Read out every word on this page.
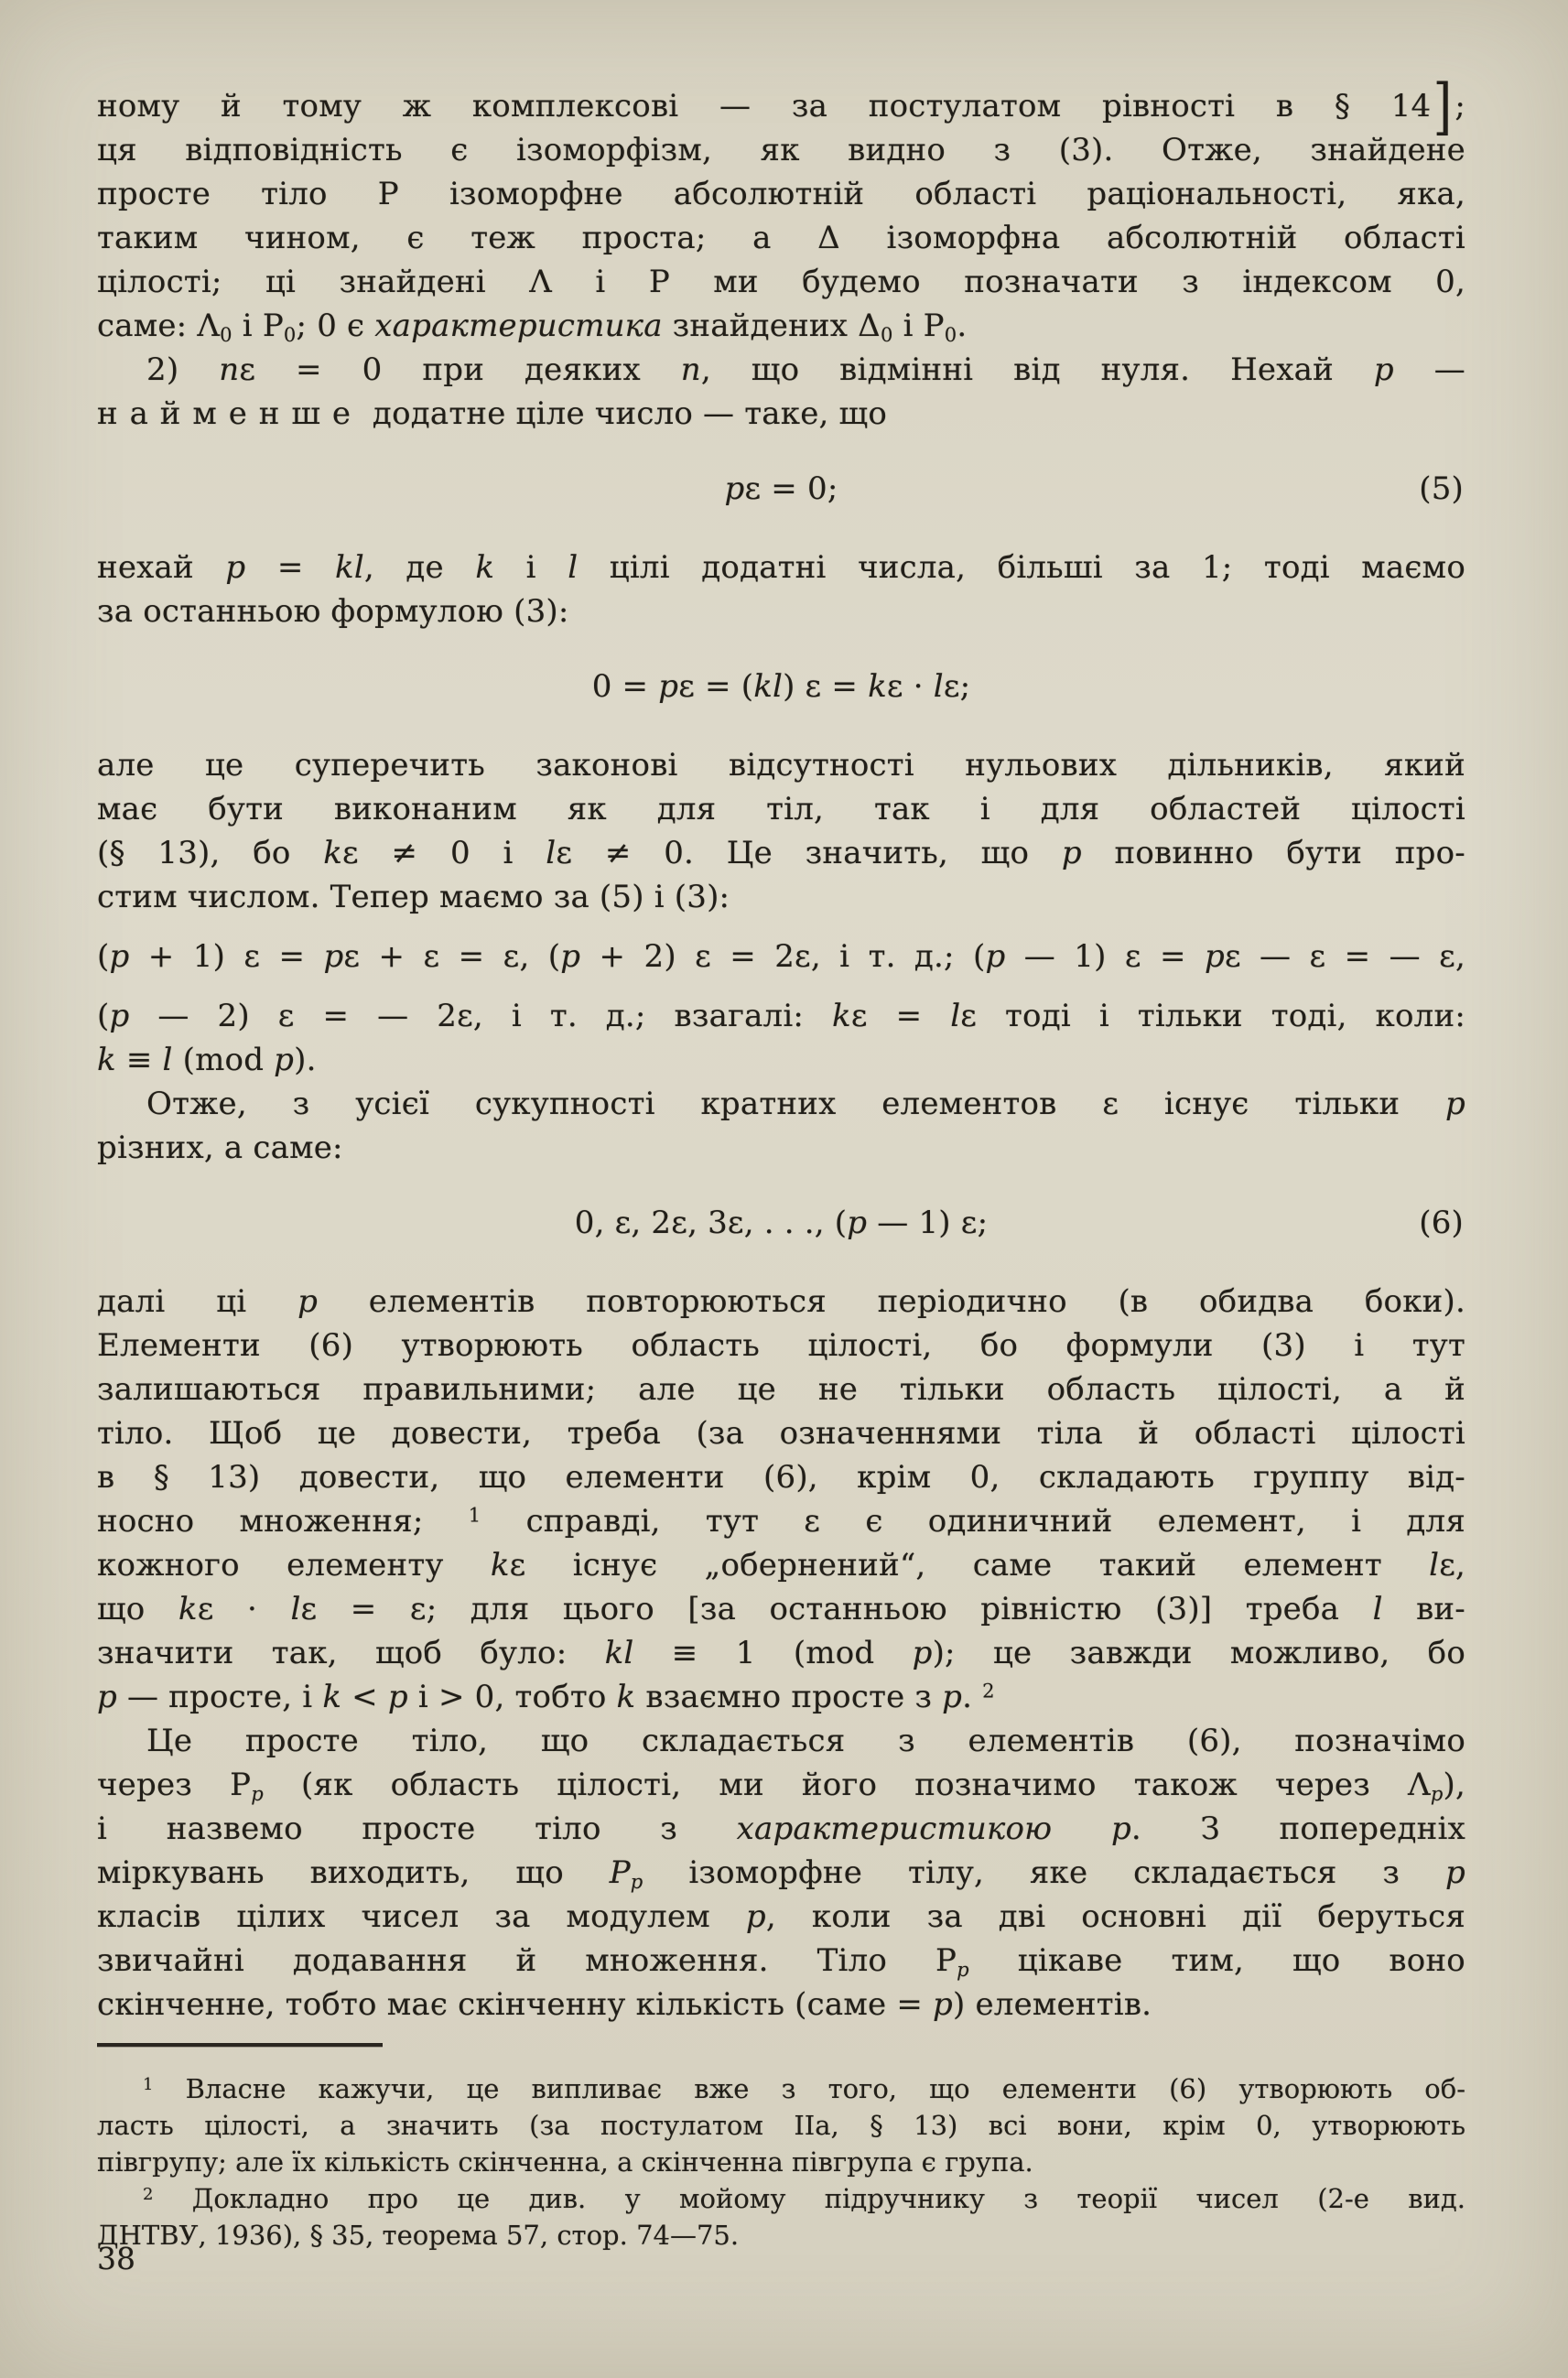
ному й тому ж комплексові — за постулатом рівності в § 14];
ця відповідність є ізоморфізм, як видно з (3). Отже, знайдене
просте тіло Р ізоморфне абсолютній області раціональності, яка,
таким чином, є теж проста; а Δ ізоморфна абсолютній області
цілості; ці знайдені Λ і Р ми будемо позначати з індексом 0,
саме: $\Lambda_0$ і $Р_0$; 0 є характеристика знайдених $\Delta_0$ і $Р_0$.
2) nε = 0 при деяких n, що відмінні від нуля. Нехай p —
найменше додатне ціле число — таке, що
pε = 0;	(5)
нехай p = kl, де k і l цілі додатні числа, більші за 1; тоді маємо
за останньою формулою (3):
0 = pε = (kl) ε = kε · lε;
але це суперечить законові відсутності нульових дільників, який
має бути виконаним як для тіл, так і для областей цілості
(§ 13), бо kε ≠ 0 і lε ≠ 0. Це значить, що p повинно бути про-
стим числом. Тепер маємо за (5) і (3):
(p + 1) ε = pε + ε = ε, (p + 2) ε = 2ε, і т. д.; (p — 1) ε = pε — ε = — ε,
(p — 2) ε = — 2ε, і т. д.; взагалі: kε = lε тоді і тільки тоді, коли:
k ≡ l (mod p).
Отже, з усієї сукупності кратних елементов ε існує тільки p
різних, а саме:
0, ε, 2ε, 3ε, . . ., (p — 1) ε;	(6)
далі ці p елементів повторюються періодично (в обидва боки).
Елементи (6) утворюють область цілості, бо формули (3) і тут
залишаються правильними; але це не тільки область цілості, а й
тіло. Щоб це довести, треба (за означеннями тіла й області цілості
в § 13) довести, що елементи (6), крім 0, складають группу від-
носно множення; $^1$ справді, тут ε є одиничний елемент, і для
кожного елементу kε існує „обернений“, саме такий елемент lε,
що kε · lε = ε; для цього [за останньою рівністю (3)] треба l ви-
значити так, щоб було: kl ≡ 1 (mod p); це завжди можливо, бо
p — просте, і k < p і > 0, тобто k взаємно просте з p. $^2$
Це просте тіло, що складається з елементів (6), позначімо
через $Р_p$ (як область цілості, ми його позначимо також через $\Lambda_p$),
і назвемо просте тіло з характеристикою p. З попередніх
міркувань виходить, що $P_p$ ізоморфне тілу, яке складається з p
класів цілих чисел за модулем p, коли за дві основні дії беруться
звичайні додавання й множення. Тіло $Р_p$ цікаве тим, що воно
скінченне, тобто має скінченну кількість (саме = p) елементів.
$^1$ Власне кажучи, це випливає вже з того, що елементи (6) утворюють об-
ласть цілості, а значить (за постулатом ІІа, § 13) всі вони, крім 0, утворюють
півгрупу; але їх кількість скінченна, а скінченна півгрупа є група.
$^2$ Докладно про це див. у мойому підручнику з теорії чисел (2-е вид.
ДНТВУ, 1936), § 35, теорема 57, стор. 74—75.
38
